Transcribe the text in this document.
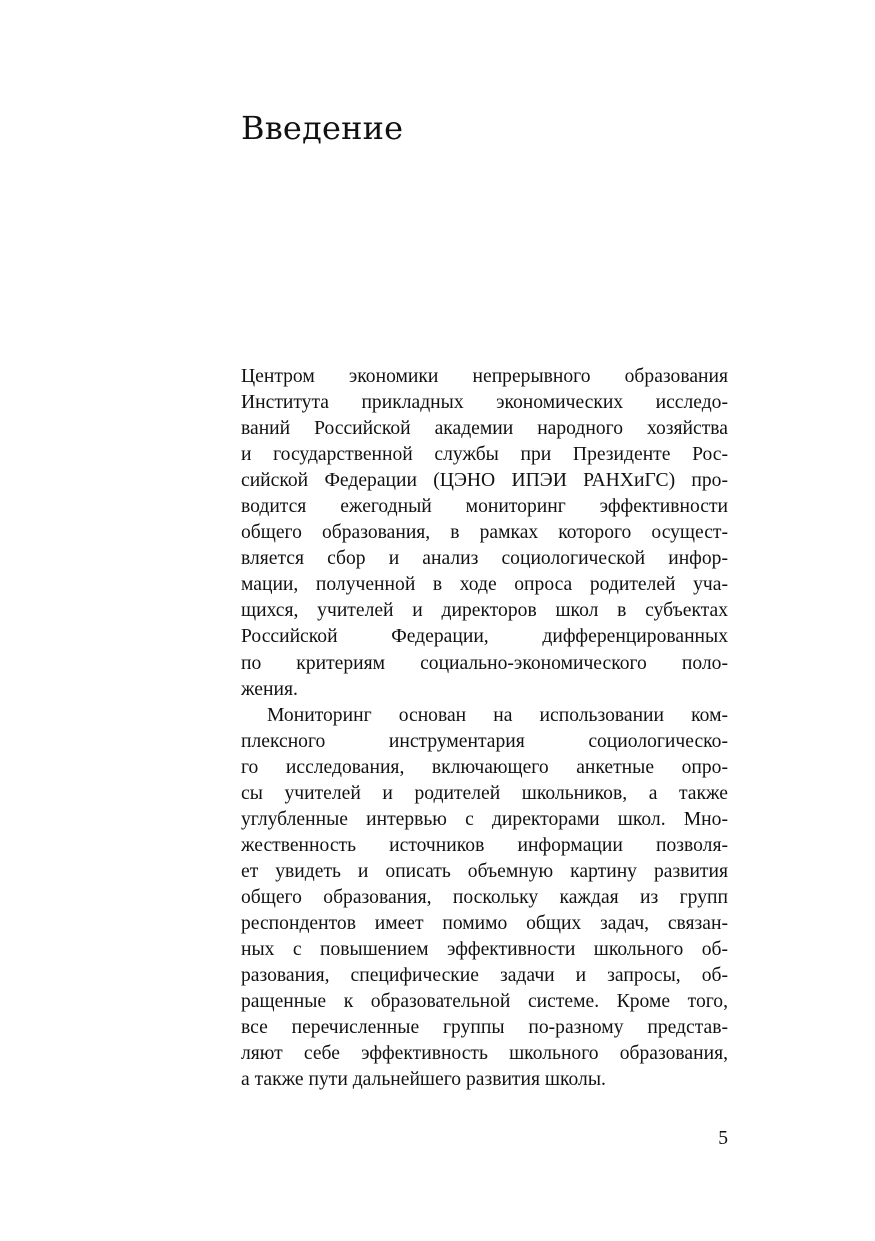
Введение

Центром экономики непрерывного образования
Института прикладных экономических исследо-
ваний Российской академии народного хозяйства
и государственной службы при Президенте Рос-
сийской Федерации (ЦЭНО ИПЭИ РАНХиГС) про-
водится ежегодный мониторинг эффективности
общего образования, в рамках которого осущест-
вляется сбор и анализ социологической инфор-
мации, полученной в ходе опроса родителей уча-
щихся, учителей и директоров школ в субъектах
Российской Федерации, дифференцированных
по критериям социально-экономического поло-
жения.

Мониторинг основан на использовании ком-
плексного инструментария социологическо-
го исследования, включающего анкетные опро-
сы учителей и родителей школьников, а также
углубленные интервью с директорами школ. Мно-
жественность источников информации позволя-
ет увидеть и описать объемную картину развития
общего образования, поскольку каждая из групп
респондентов имеет помимо общих задач, связан-
ных с повышением эффективности школьного об-
разования, специфические задачи и запросы, об-
ращенные к образовательной системе. Кроме того,
все перечисленные группы по-разному представ-
ляют себе эффективность школьного образования,
а также пути дальнейшего развития школы.

5
